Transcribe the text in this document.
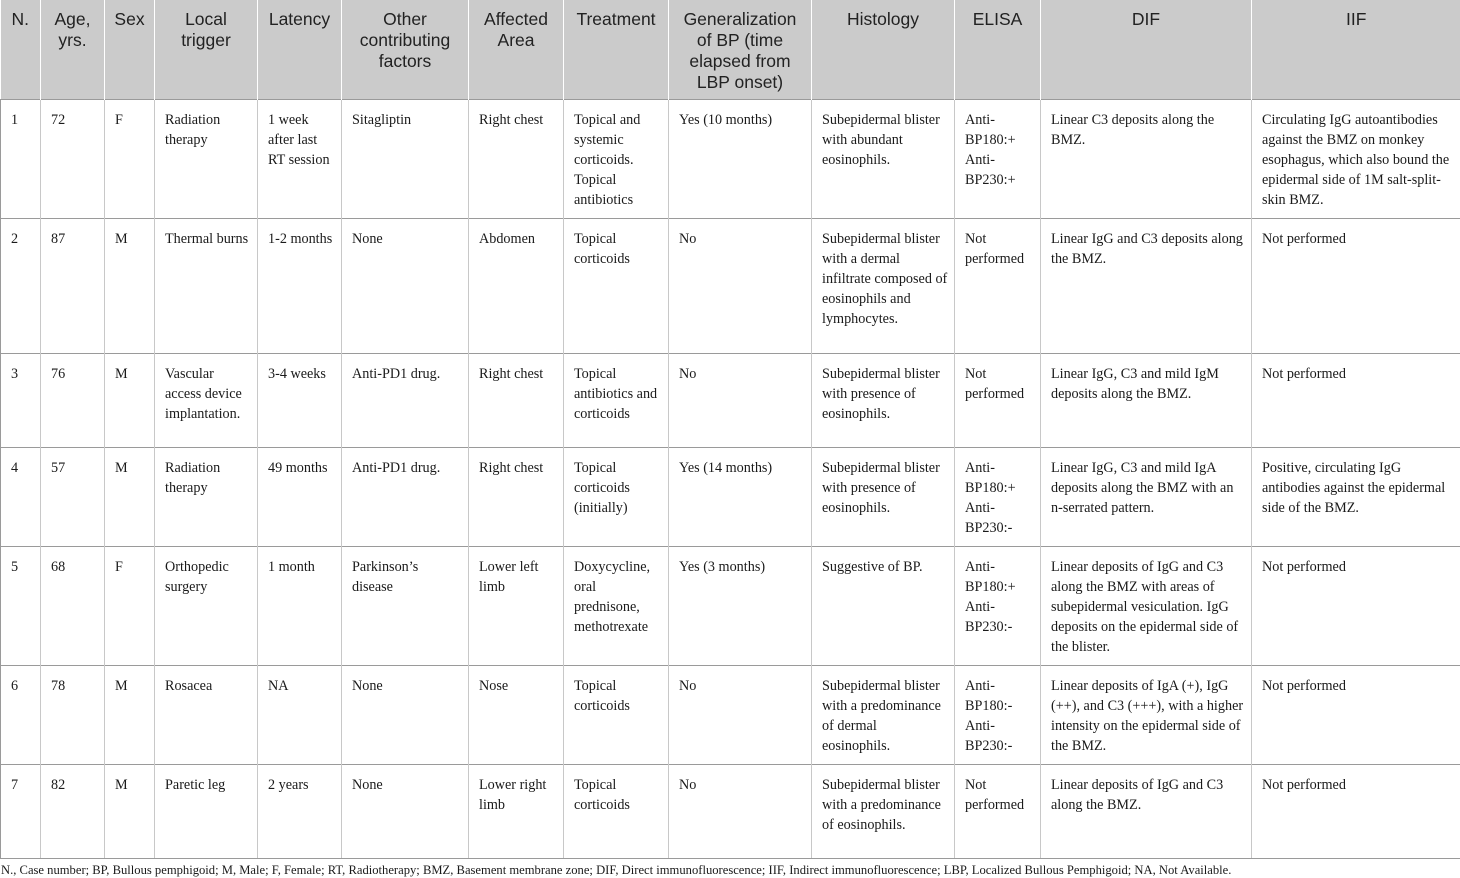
N.	Age, yrs.	Sex	Local trigger	Latency	Other contributing factors	Affected Area	Treatment	Generalization of BP (time elapsed from LBP onset)	Histology	ELISA	DIF	IIF
1	72	F	Radiation therapy	1 week after last RT session	Sitagliptin	Right chest	Topical and systemic corticoids. Topical antibiotics	Yes (10 months)	Subepidermal blister with abundant eosinophils.	Anti-BP180:+ Anti-BP230:+	Linear C3 deposits along the BMZ.	Circulating IgG autoantibodies against the BMZ on monkey esophagus, which also bound the epidermal side of 1M salt-split-skin BMZ.
2	87	M	Thermal burns	1-2 months	None	Abdomen	Topical corticoids	No	Subepidermal blister with a dermal infiltrate composed of eosinophils and lymphocytes.	Not performed	Linear IgG and C3 deposits along the BMZ.	Not performed
3	76	M	Vascular access device implantation.	3-4 weeks	Anti-PD1 drug.	Right chest	Topical antibiotics and corticoids	No	Subepidermal blister with presence of eosinophils.	Not performed	Linear IgG, C3 and mild IgM deposits along the BMZ.	Not performed
4	57	M	Radiation therapy	49 months	Anti-PD1 drug.	Right chest	Topical corticoids (initially)	Yes (14 months)	Subepidermal blister with presence of eosinophils.	Anti-BP180:+ Anti-BP230:-	Linear IgG, C3 and mild IgA deposits along the BMZ with an n-serrated pattern.	Positive, circulating IgG antibodies against the epidermal side of the BMZ.
5	68	F	Orthopedic surgery	1 month	Parkinson’s disease	Lower left limb	Doxycycline, oral prednisone, methotrexate	Yes (3 months)	Suggestive of BP.	Anti-BP180:+ Anti-BP230:-	Linear deposits of IgG and C3 along the BMZ with areas of subepidermal vesiculation. IgG deposits on the epidermal side of the blister.	Not performed
6	78	M	Rosacea	NA	None	Nose	Topical corticoids	No	Subepidermal blister with a predominance of dermal eosinophils.	Anti-BP180:- Anti-BP230:-	Linear deposits of IgA (+), IgG (++), and C3 (+++), with a higher intensity on the epidermal side of the BMZ.	Not performed
7	82	M	Paretic leg	2 years	None	Lower right limb	Topical corticoids	No	Subepidermal blister with a predominance of eosinophils.	Not performed	Linear deposits of IgG and C3 along the BMZ.	Not performed
N., Case number; BP, Bullous pemphigoid; M, Male; F, Female; RT, Radiotherapy; BMZ, Basement membrane zone; DIF, Direct immunofluorescence; IIF, Indirect immunofluorescence; LBP, Localized Bullous Pemphigoid; NA, Not Available.
